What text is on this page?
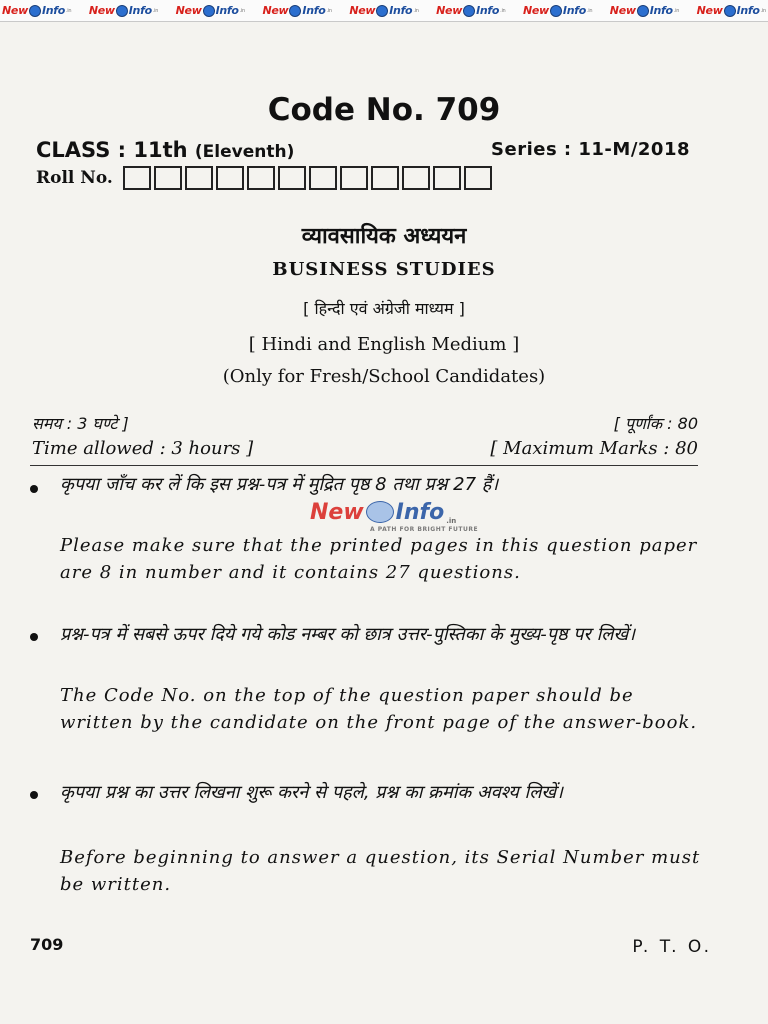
New Info .in New Info .in New Info .in New Info .in New Info .in New Info .in New Info .in New Info .in New Info .in
Code No. 709
CLASS : 11th (Eleventh)	Series : 11-M/2018
Roll No.
व्यावसायिक अध्ययन
BUSINESS STUDIES
[ हिन्दी एवं अंग्रेजी माध्यम ]
[ Hindi and English Medium ]
(Only for Fresh/School Candidates)
समय : 3 घण्टे ]	[ पूर्णांक : 80
Time allowed : 3 hours ]	[ Maximum Marks : 80
कृपया जाँच कर लें कि इस प्रश्न-पत्र में मुद्रित पृष्ठ 8 तथा प्रश्न 27 हैं।
Please make sure that the printed pages in this question paper are 8 in number and it contains 27 questions.
प्रश्न-पत्र में सबसे ऊपर दिये गये कोड नम्बर को छात्र उत्तर-पुस्तिका के मुख्य-पृष्ठ पर लिखें।
The Code No. on the top of the question paper should be written by the candidate on the front page of the answer-book.
कृपया प्रश्न का उत्तर लिखना शुरू करने से पहले, प्रश्न का क्रमांक अवश्य लिखें।
Before beginning to answer a question, its Serial Number must be written.
New Info .in
A PATH FOR BRIGHT FUTURE
709	P. T. O.
